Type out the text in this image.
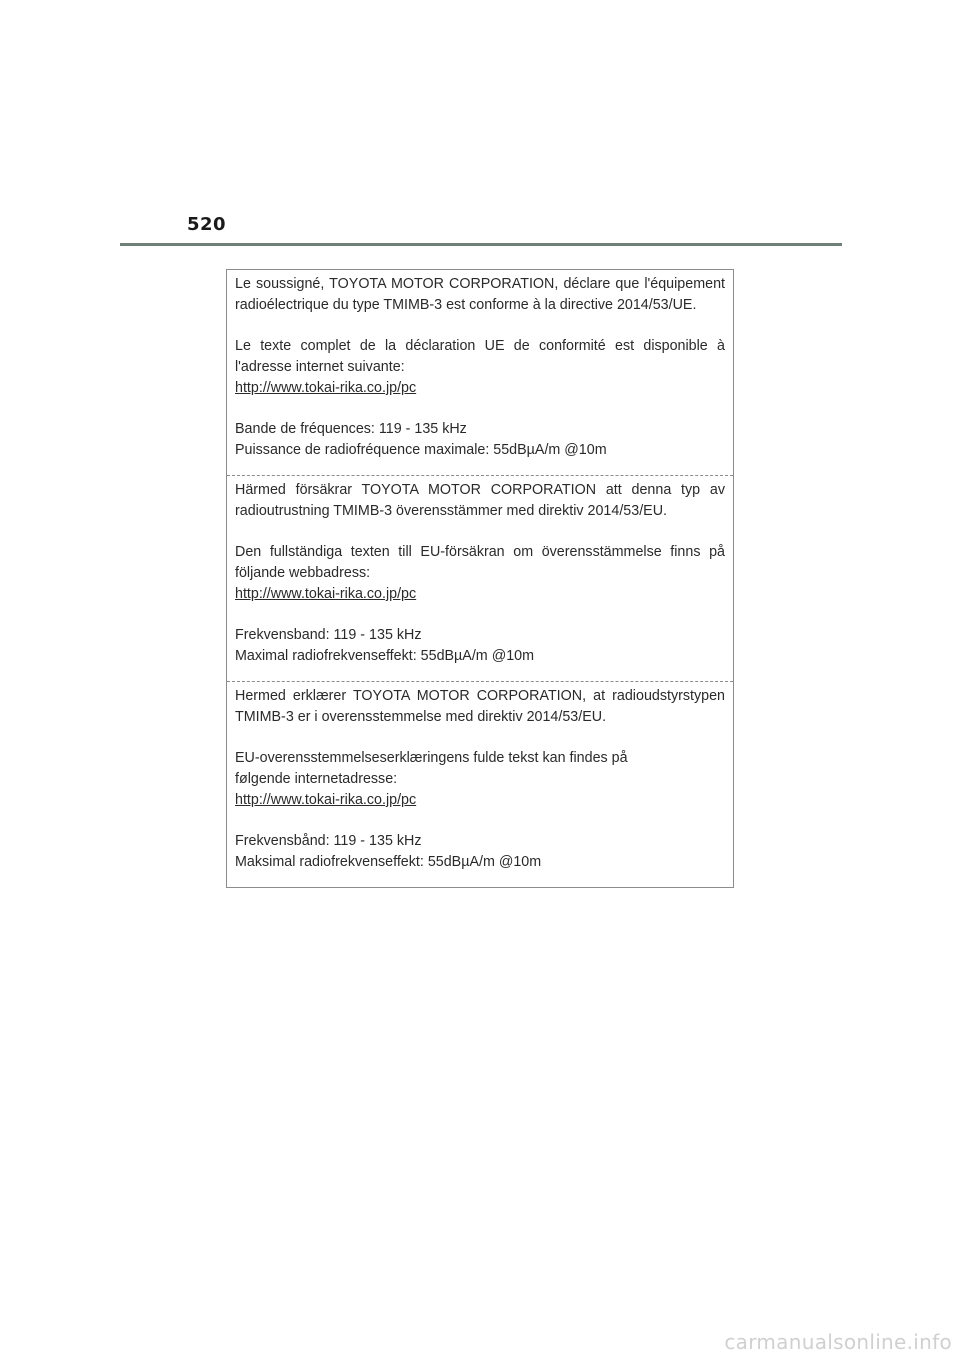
520

Le soussigné, TOYOTA MOTOR CORPORATION, déclare que l'équipement radioélectrique du type TMIMB-3 est conforme à la directive 2014/53/UE.

Le texte complet de la déclaration UE de conformité est disponible à l'adresse internet suivante:
http://www.tokai-rika.co.jp/pc

Bande de fréquences: 119 - 135 kHz
Puissance de radiofréquence maximale: 55dBµA/m @10m

Härmed försäkrar TOYOTA MOTOR CORPORATION att denna typ av radioutrustning TMIMB-3 överensstämmer med direktiv 2014/53/EU.

Den fullständiga texten till EU-försäkran om överensstämmelse finns på följande webbadress:
http://www.tokai-rika.co.jp/pc

Frekvensband: 119 - 135 kHz
Maximal radiofrekvenseffekt: 55dBµA/m @10m

Hermed erklærer TOYOTA MOTOR CORPORATION, at radioudstyrstypen TMIMB-3 er i overensstemmelse med direktiv 2014/53/EU.

EU-overensstemmelseserklæringens fulde tekst kan findes på
følgende internetadresse:
http://www.tokai-rika.co.jp/pc

Frekvensbånd: 119 - 135 kHz
Maksimal radiofrekvenseffekt: 55dBµA/m @10m

carmanualsonline.info
